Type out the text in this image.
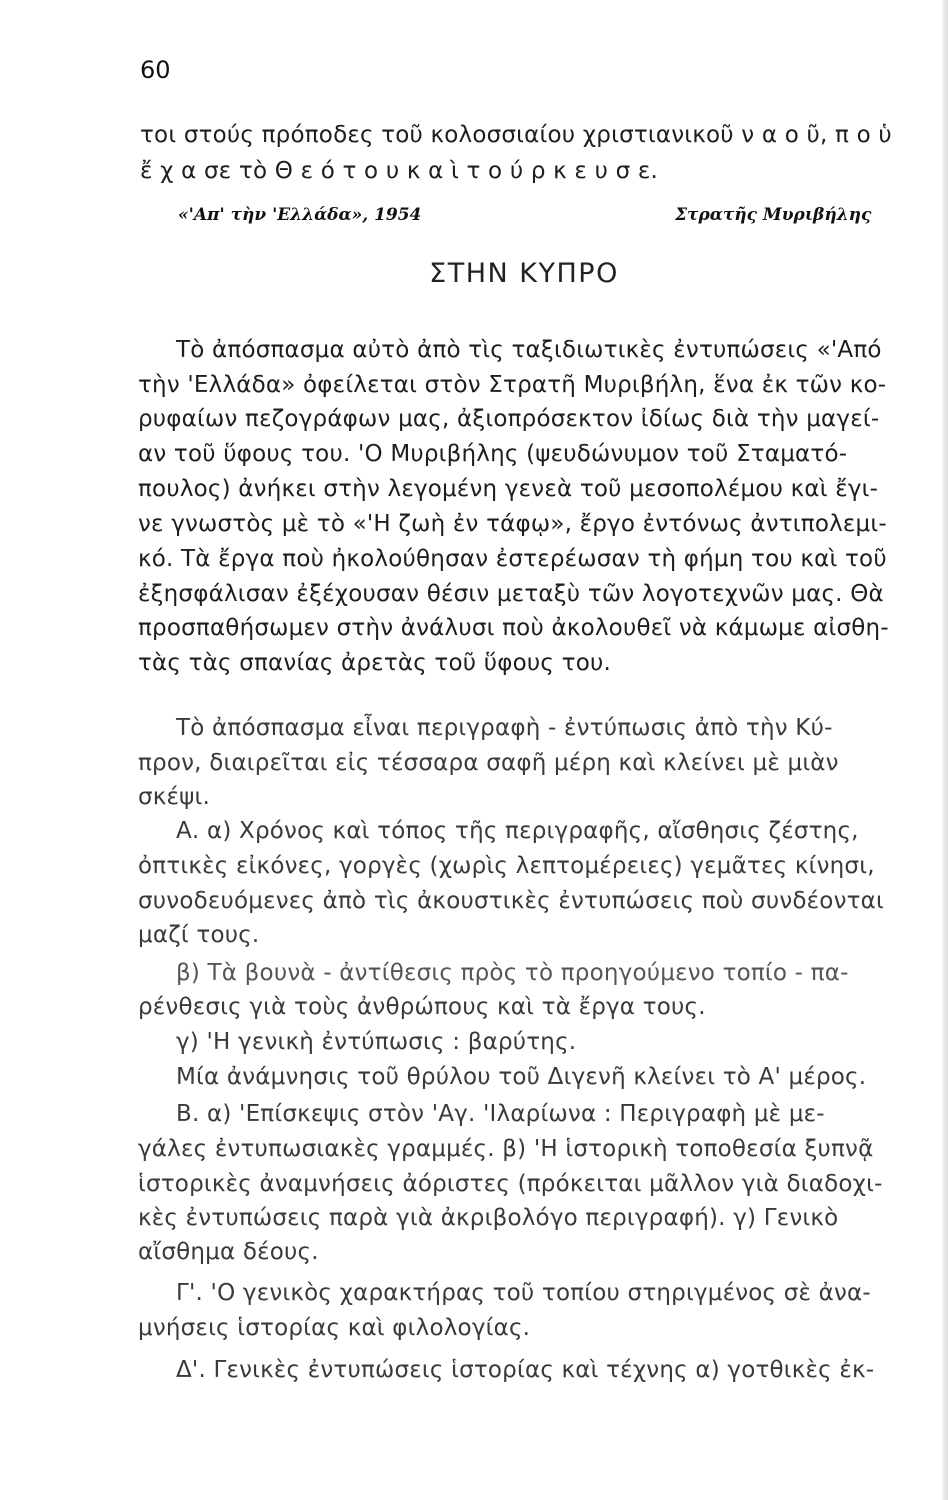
60
τοι στούς πρόποδες τοῦ κολοσσιαίου χριστιανικοῦ ν α ο ῦ, π ο ὑ
ἔ χ α σε τὸ Θ ε ό τ ο υ κ α ὶ τ ο ύ ρ κ ε υ σ ε.
«'Απ' τὴν 'Ελλάδα», 1954	Στρατῆς Μυριβήλης
ΣΤΗΝ ΚΥΠΡΟ
Τὸ ἀπόσπασμα αὐτὸ ἀπὸ τὶς ταξιδιωτικὲς ἐντυπώσεις «'Από
τὴν 'Ελλάδα» ὀφείλεται στὸν Στρατῆ Μυριβήλη, ἕνα ἐκ τῶν κο-
ρυφαίων πεζογράφων μας, ἀξιοπρόσεκτον ἰδίως διὰ τὴν μαγεί-
αν τοῦ ὕφους του. 'Ο Μυριβήλης (ψευδώνυμον τοῦ Σταματό-
πουλος) ἀνήκει στὴν λεγομένη γενεὰ τοῦ μεσοπολέμου καὶ ἔγι-
νε γνωστὸς μὲ τὸ «'Η ζωὴ ἐν τάφῳ», ἔργο ἐντόνως ἀντιπολεμι-
κό. Τὰ ἔργα ποὺ ἠκολούθησαν ἐστερέωσαν τὴ φήμη του καὶ τοῦ
ἐξησφάλισαν ἐξέχουσαν θέσιν μεταξὺ τῶν λογοτεχνῶν μας. Θὰ
προσπαθήσωμεν στὴν ἀνάλυσι ποὺ ἀκολουθεῖ νὰ κάμωμε αἰσθη-
τὰς τὰς σπανίας ἀρετὰς τοῦ ὕφους του.
Τὸ ἀπόσπασμα εἶναι περιγραφὴ - ἐντύπωσις ἀπὸ τὴν Κύ-
προν, διαιρεῖται εἰς τέσσαρα σαφῆ μέρη καὶ κλείνει μὲ μιὰν
σκέψι.
Α. α) Χρόνος καὶ τόπος τῆς περιγραφῆς, αἴσθησις ζέστης,
ὀπτικὲς εἰκόνες, γοργὲς (χωρὶς λεπτομέρειες) γεμᾶτες κίνησι,
συνοδευόμενες ἀπὸ τὶς ἀκουστικὲς ἐντυπώσεις ποὺ συνδέονται
μαζί τους.
β) Τὰ βουνὰ - ἀντίθεσις πρὸς τὸ προηγούμενο τοπίο - πα-
ρένθεσις γιὰ τοὺς ἀνθρώπους καὶ τὰ ἔργα τους.
γ) 'Η γενικὴ ἐντύπωσις : βαρύτης.
Μία ἀνάμνησις τοῦ θρύλου τοῦ Διγενῆ κλείνει τὸ Α' μέρος.
Β. α) 'Επίσκεψις στὸν 'Αγ. 'Ιλαρίωνα : Περιγραφὴ μὲ με-
γάλες ἐντυπωσιακὲς γραμμές. β) 'Η ἱστορικὴ τοποθεσία ξυπνᾷ
ἱστορικὲς ἀναμνήσεις ἀόριστες (πρόκειται μᾶλλον γιὰ διαδοχι-
κὲς ἐντυπώσεις παρὰ γιὰ ἀκριβολόγο περιγραφή). γ) Γενικὸ
αἴσθημα δέους.
Γ'. 'Ο γενικὸς χαρακτήρας τοῦ τοπίου στηριγμένος σὲ ἀνα-
μνήσεις ἱστορίας καὶ φιλολογίας.
Δ'. Γενικὲς ἐντυπώσεις ἱστορίας καὶ τέχνης α) γοτθικὲς ἐκ-
